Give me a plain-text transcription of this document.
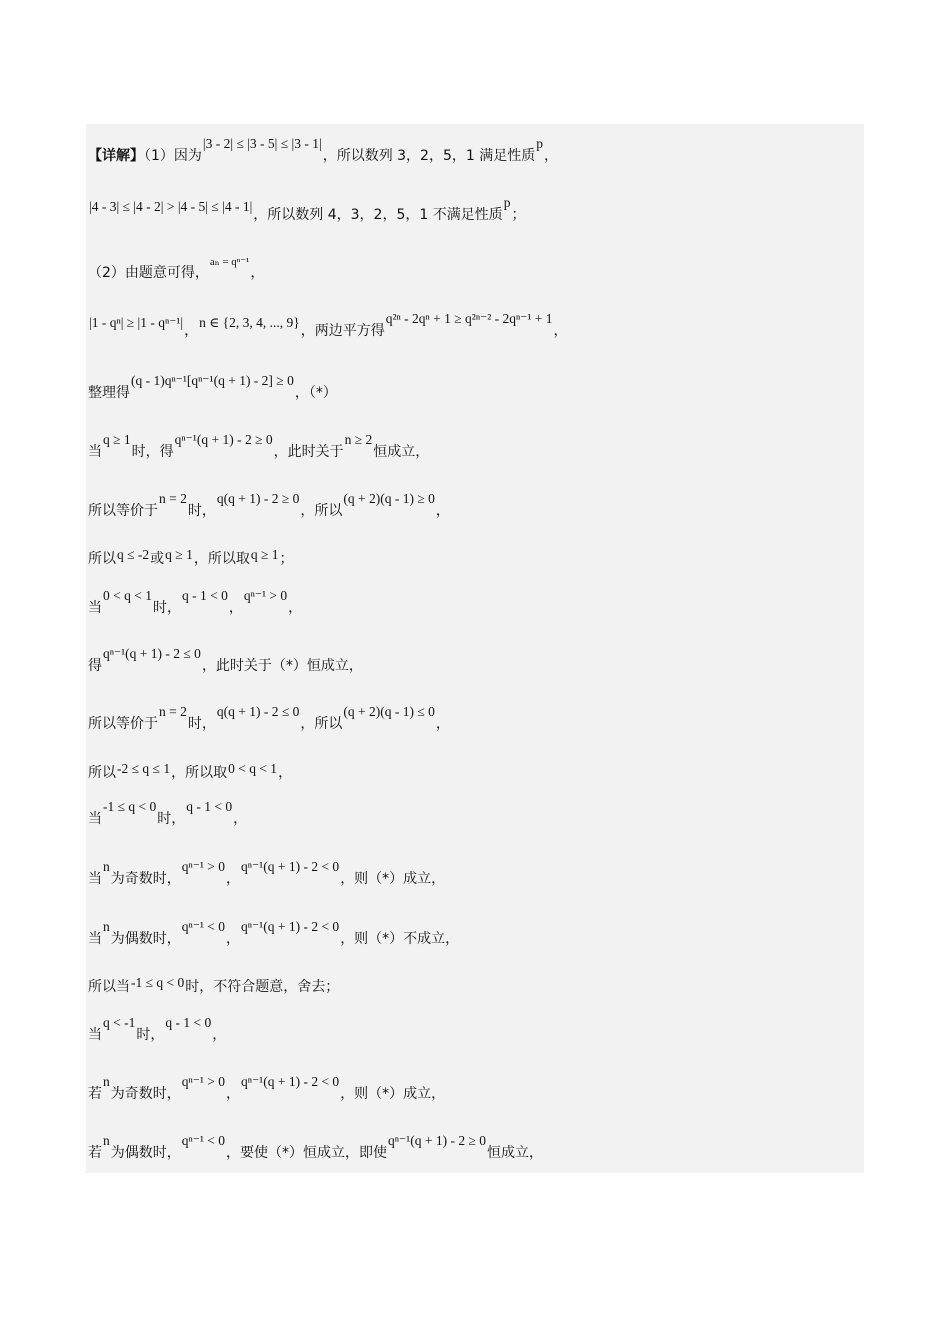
【详解】（1）因为|3 - 2| ≤ |3 - 5| ≤ |3 - 1|，所以数列 3，2，5，1 满足性质p，
|4 - 3| ≤ |4 - 2| > |4 - 5| ≤ |4 - 1|，所以数列 4，3，2，5，1 不满足性质p；
（2）由题意可得，$^{a_n = q^{n-1}}$，
|1 - qⁿ| ≥ |1 - qⁿ⁻¹|，n ∈ {2, 3, 4, ..., 9}，两边平方得q²ⁿ - 2qⁿ + 1 ≥ q²ⁿ⁻² - 2qⁿ⁻¹ + 1，
整理得(q - 1)qⁿ⁻¹[qⁿ⁻¹(q + 1) - 2] ≥ 0，（*）
当q ≥ 1时，得qⁿ⁻¹(q + 1) - 2 ≥ 0，此时关于n ≥ 2恒成立，
所以等价于n = 2时，q(q + 1) - 2 ≥ 0，所以(q + 2)(q - 1) ≥ 0，
所以q ≤ -2或q ≥ 1，所以取q ≥ 1；
当0 < q < 1时，q - 1 < 0，qⁿ⁻¹ > 0，
得qⁿ⁻¹(q + 1) - 2 ≤ 0，此时关于（*）恒成立，
所以等价于n = 2时，q(q + 1) - 2 ≤ 0，所以(q + 2)(q - 1) ≤ 0，
所以-2 ≤ q ≤ 1，所以取0 < q < 1，
当-1 ≤ q < 0时，q - 1 < 0，
当n为奇数时，qⁿ⁻¹ > 0，qⁿ⁻¹(q + 1) - 2 < 0，则（*）成立，
当n为偶数时，qⁿ⁻¹ < 0，qⁿ⁻¹(q + 1) - 2 < 0，则（*）不成立，
所以当-1 ≤ q < 0时，不符合题意，舍去；
当q < -1时，q - 1 < 0，
若n为奇数时，qⁿ⁻¹ > 0，qⁿ⁻¹(q + 1) - 2 < 0，则（*）成立，
若n为偶数时，qⁿ⁻¹ < 0，要使（*）恒成立，即使qⁿ⁻¹(q + 1) - 2 ≥ 0恒成立，
